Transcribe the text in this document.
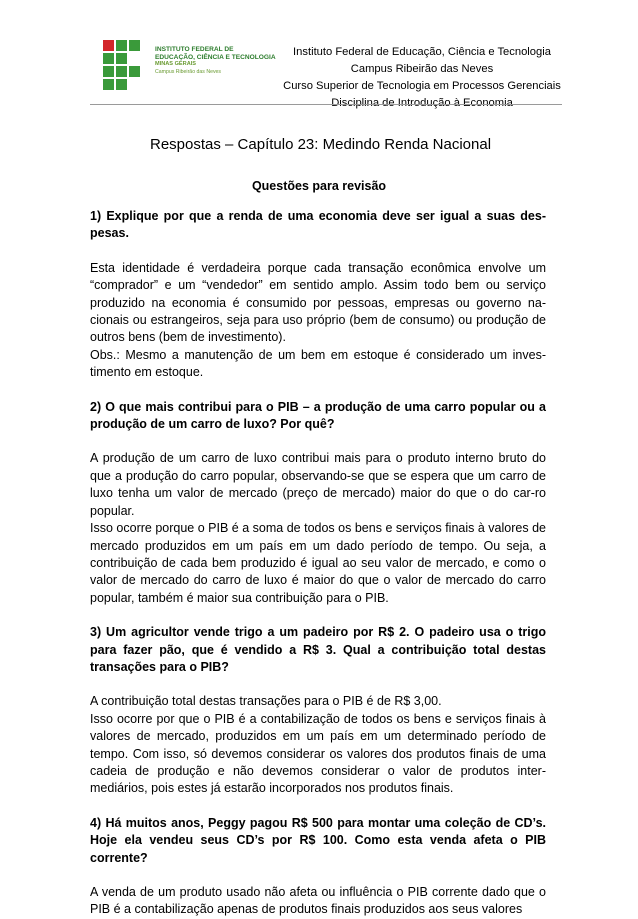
INSTITUTO FEDERAL DE
EDUCAÇÃO, CIÊNCIA E TECNOLOGIA
MINAS GERAIS
Campus Ribeirão das Neves
Instituto Federal de Educação, Ciência e Tecnologia
Campus Ribeirão das Neves
Curso Superior de Tecnologia em Processos Gerenciais
Disciplina de Introdução à Economia
Respostas – Capítulo 23: Medindo Renda Nacional
Questões para revisão

1) Explique por que a renda de uma economia deve ser igual a suas des-pesas.

Esta identidade é verdadeira porque cada transação econômica envolve um “comprador” e um “vendedor” em sentido amplo. Assim todo bem ou serviço produzido na economia é consumido por pessoas, empresas ou governo na-cionais ou estrangeiros, seja para uso próprio (bem de consumo) ou produção de outros bens (bem de investimento).

Obs.: Mesmo a manutenção de um bem em estoque é considerado um inves-timento em estoque.

2) O que mais contribui para o PIB – a produção de uma carro popular ou a produção de um carro de luxo? Por quê?

A produção de um carro de luxo contribui mais para o produto interno bruto do que a produção do carro popular, observando-se que se espera que um carro de luxo tenha um valor de mercado (preço de mercado) maior do que o do car-ro popular.

Isso ocorre porque o PIB é a soma de todos os bens e serviços finais à valores de mercado produzidos em um país em um dado período de tempo. Ou seja, a contribuição de cada bem produzido é igual ao seu valor de mercado, e como o valor de mercado do carro de luxo é maior do que o valor de mercado do carro popular, também é maior sua contribuição para o PIB.

3) Um agricultor vende trigo a um padeiro por R$ 2. O padeiro usa o trigo para fazer pão, que é vendido a R$ 3. Qual a contribuição total destas transações para o PIB?

A contribuição total destas transações para o PIB é de R$ 3,00.

Isso ocorre por que o PIB é a contabilização de todos os bens e serviços finais à valores de mercado, produzidos em um país em um determinado período de tempo. Com isso, só devemos considerar os valores dos produtos finais de uma cadeia de produção e não devemos considerar o valor de produtos inter-mediários, pois estes já estarão incorporados nos produtos finais.

4) Há muitos anos, Peggy pagou R$ 500 para montar uma coleção de CD’s. Hoje ela vendeu seus CD’s por R$ 100. Como esta venda afeta o PIB corrente?

A venda de um produto usado não afeta ou influência o PIB corrente dado que o PIB é a contabilização apenas de produtos finais produzidos aos seus valores
